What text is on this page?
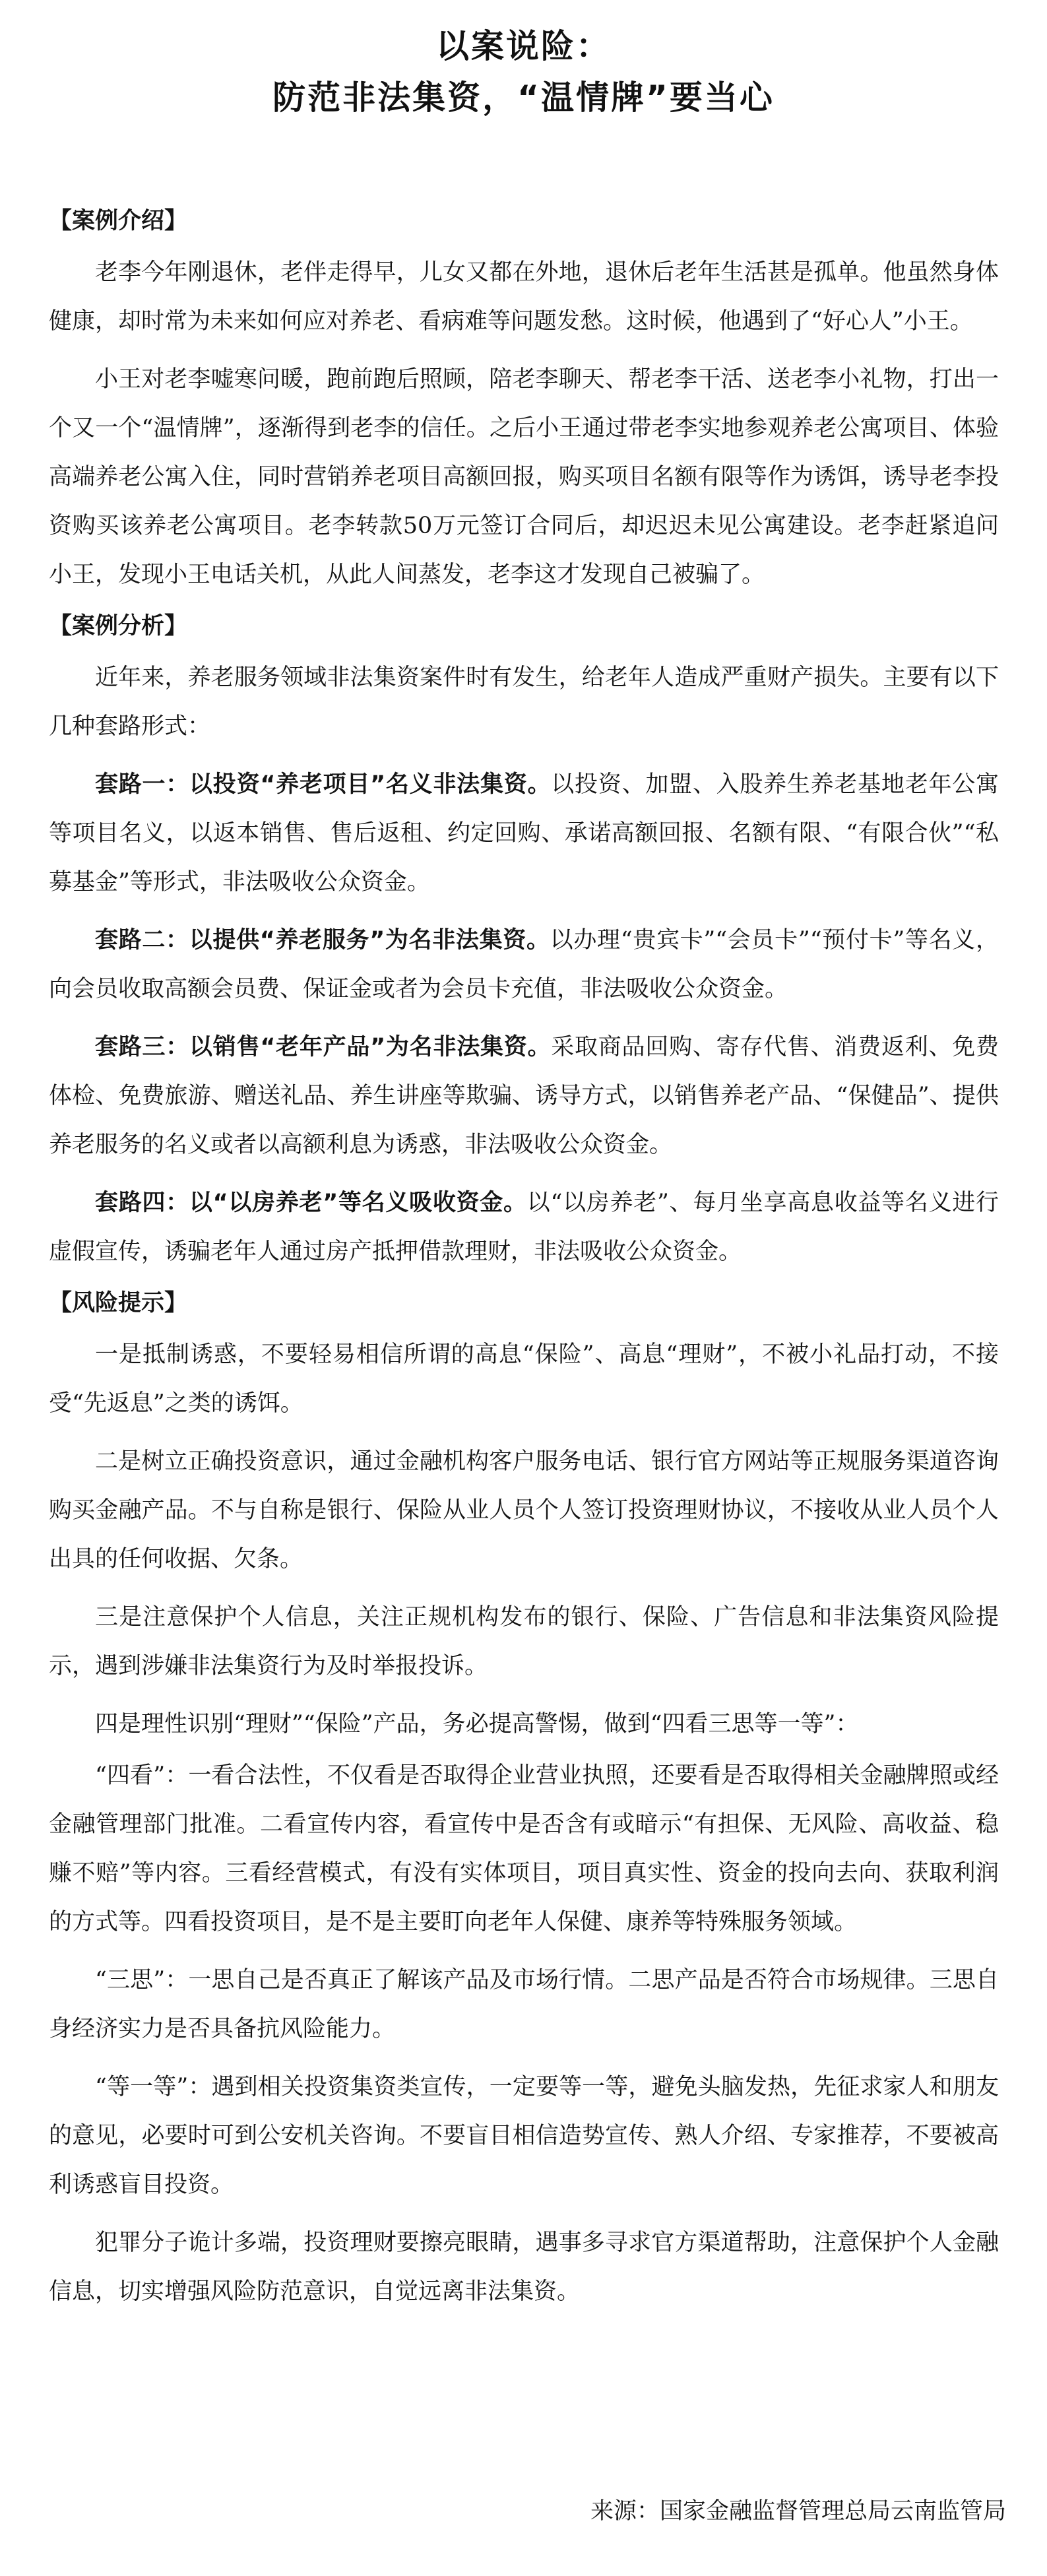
以案说险：
防范非法集资，“温情牌”要当心

【案例介绍】

老李今年刚退休，老伴走得早，儿女又都在外地，退休后老年生活甚是孤单。他虽然身体健康，却时常为未来如何应对养老、看病难等问题发愁。这时候，他遇到了“好心人”小王。

小王对老李嘘寒问暖，跑前跑后照顾，陪老李聊天、帮老李干活、送老李小礼物，打出一个又一个“温情牌”，逐渐得到老李的信任。之后小王通过带老李实地参观养老公寓项目、体验高端养老公寓入住，同时营销养老项目高额回报，购买项目名额有限等作为诱饵，诱导老李投资购买该养老公寓项目。老李转款50万元签订合同后，却迟迟未见公寓建设。老李赶紧追问小王，发现小王电话关机，从此人间蒸发，老李这才发现自己被骗了。

【案例分析】

近年来，养老服务领域非法集资案件时有发生，给老年人造成严重财产损失。主要有以下几种套路形式：

套路一：以投资“养老项目”名义非法集资。以投资、加盟、入股养生养老基地老年公寓等项目名义，以返本销售、售后返租、约定回购、承诺高额回报、名额有限、“有限合伙”“私募基金”等形式，非法吸收公众资金。

套路二：以提供“养老服务”为名非法集资。以办理“贵宾卡”“会员卡”“预付卡”等名义，向会员收取高额会员费、保证金或者为会员卡充值，非法吸收公众资金。

套路三：以销售“老年产品”为名非法集资。采取商品回购、寄存代售、消费返利、免费体检、免费旅游、赠送礼品、养生讲座等欺骗、诱导方式，以销售养老产品、“保健品”、提供养老服务的名义或者以高额利息为诱惑，非法吸收公众资金。

套路四：以“以房养老”等名义吸收资金。以“以房养老”、每月坐享高息收益等名义进行虚假宣传，诱骗老年人通过房产抵押借款理财，非法吸收公众资金。

【风险提示】

一是抵制诱惑，不要轻易相信所谓的高息“保险”、高息“理财”，不被小礼品打动，不接受“先返息”之类的诱饵。

二是树立正确投资意识，通过金融机构客户服务电话、银行官方网站等正规服务渠道咨询购买金融产品。不与自称是银行、保险从业人员个人签订投资理财协议，不接收从业人员个人出具的任何收据、欠条。

三是注意保护个人信息，关注正规机构发布的银行、保险、广告信息和非法集资风险提示，遇到涉嫌非法集资行为及时举报投诉。

四是理性识别“理财”“保险”产品，务必提高警惕，做到“四看三思等一等”：

“四看”：一看合法性，不仅看是否取得企业营业执照，还要看是否取得相关金融牌照或经金融管理部门批准。二看宣传内容，看宣传中是否含有或暗示“有担保、无风险、高收益、稳赚不赔”等内容。三看经营模式，有没有实体项目，项目真实性、资金的投向去向、获取利润的方式等。四看投资项目，是不是主要盯向老年人保健、康养等特殊服务领域。

“三思”：一思自己是否真正了解该产品及市场行情。二思产品是否符合市场规律。三思自身经济实力是否具备抗风险能力。

“等一等”：遇到相关投资集资类宣传，一定要等一等，避免头脑发热，先征求家人和朋友的意见，必要时可到公安机关咨询。不要盲目相信造势宣传、熟人介绍、专家推荐，不要被高利诱惑盲目投资。

犯罪分子诡计多端，投资理财要擦亮眼睛，遇事多寻求官方渠道帮助，注意保护个人金融信息，切实增强风险防范意识，自觉远离非法集资。

来源：国家金融监督管理总局云南监管局
